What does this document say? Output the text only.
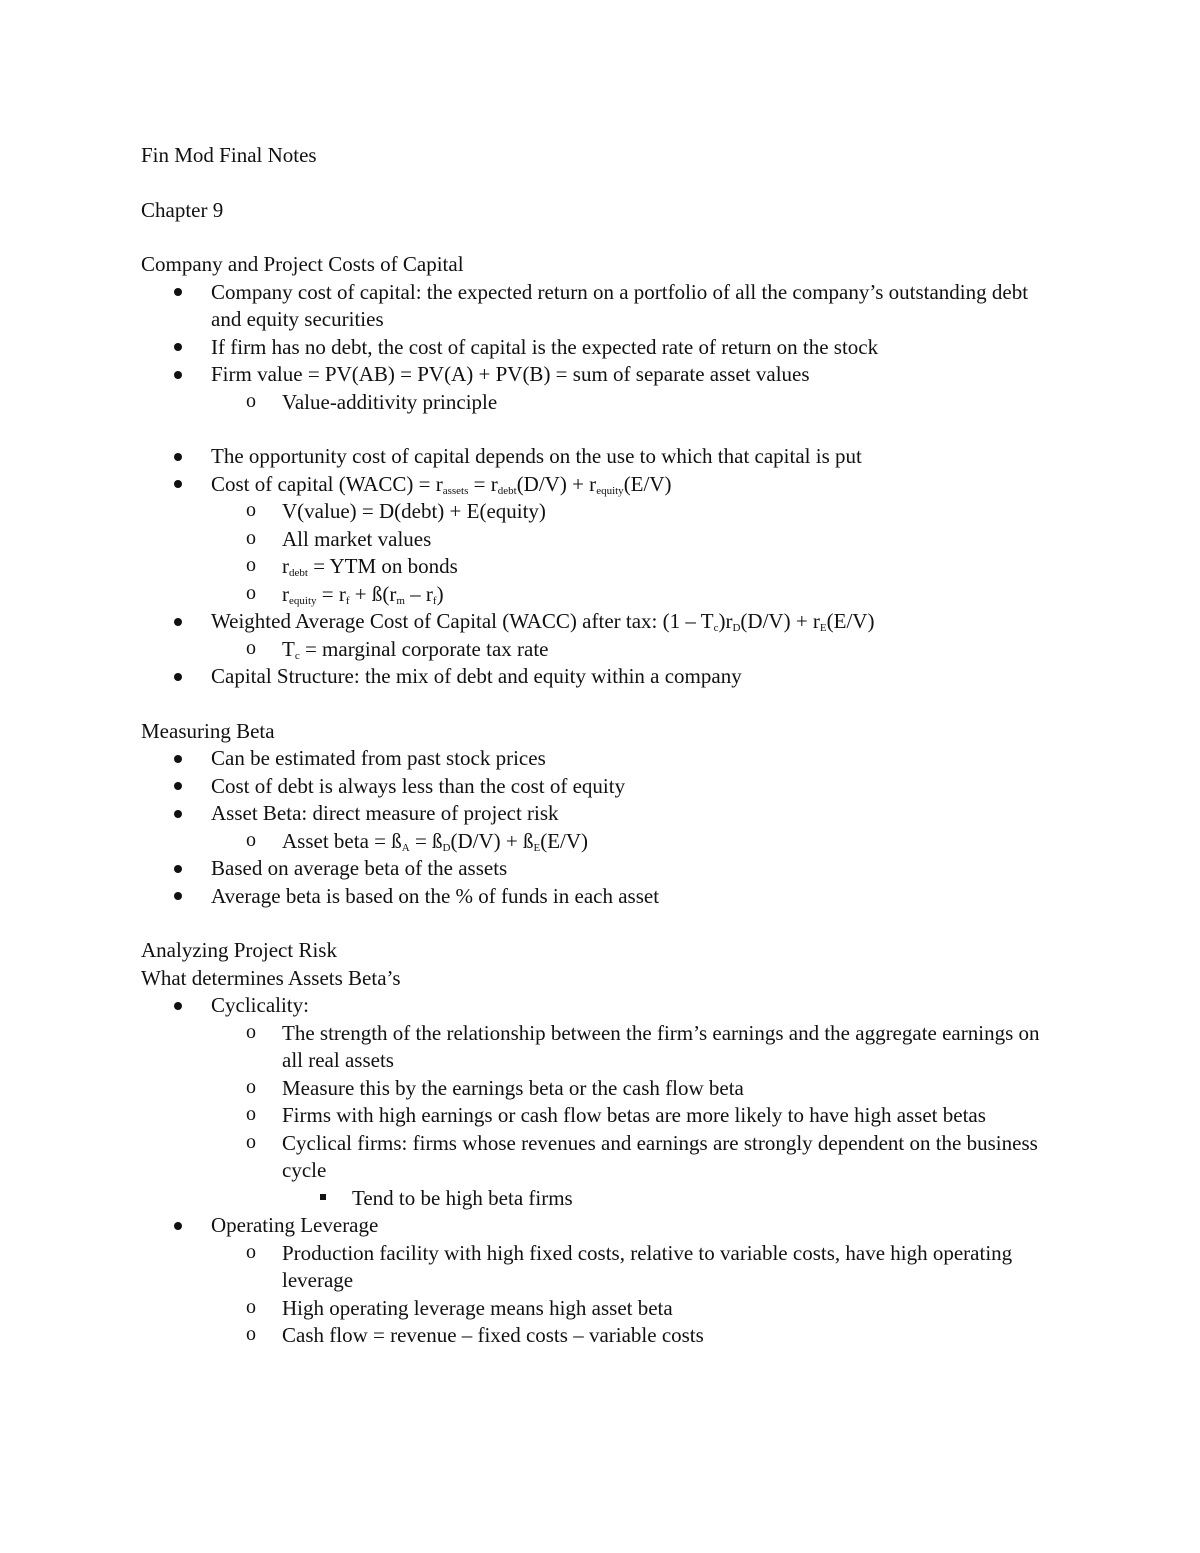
Fin Mod Final Notes

Chapter 9

Company and Project Costs of Capital

Company cost of capital: the expected return on a portfolio of all the company’s outstanding debt and equity securities
If firm has no debt, the cost of capital is the expected rate of return on the stock
Firm value = PV(AB) = PV(A) + PV(B) = sum of separate asset values
o Value-additivity principle
The opportunity cost of capital depends on the use to which that capital is put
Cost of capital (WACC) = $r_{assets} = r_{debt}(D/V) + r_{equity}(E/V)$
o V(value) = D(debt) + E(equity)
o All market values
o $r_{debt}$ = YTM on bonds
o $r_{equity} = r_f$ + $ß(r_m - r_f)$
Weighted Average Cost of Capital (WACC) after tax: $(1 - T_c)r_D(D/V) + r_E(E/V)$
o $T_c$ = marginal corporate tax rate
Capital Structure: the mix of debt and equity within a company

Measuring Beta

Can be estimated from past stock prices
Cost of debt is always less than the cost of equity
Asset Beta: direct measure of project risk
o Asset beta = $ß_A$ = $ß_D(D/V)$ + $ß_E(E/V)$
Based on average beta of the assets
Average beta is based on the % of funds in each asset

Analyzing Project Risk

What determines Assets Beta’s

Cyclicality:
o The strength of the relationship between the firm’s earnings and the aggregate earnings on all real assets
o Measure this by the earnings beta or the cash flow beta
o Firms with high earnings or cash flow betas are more likely to have high asset betas
o Cyclical firms: firms whose revenues and earnings are strongly dependent on the business cycle
Tend to be high beta firms
Operating Leverage
o Production facility with high fixed costs, relative to variable costs, have high operating leverage
o High operating leverage means high asset beta
o Cash flow = revenue – fixed costs – variable costs
